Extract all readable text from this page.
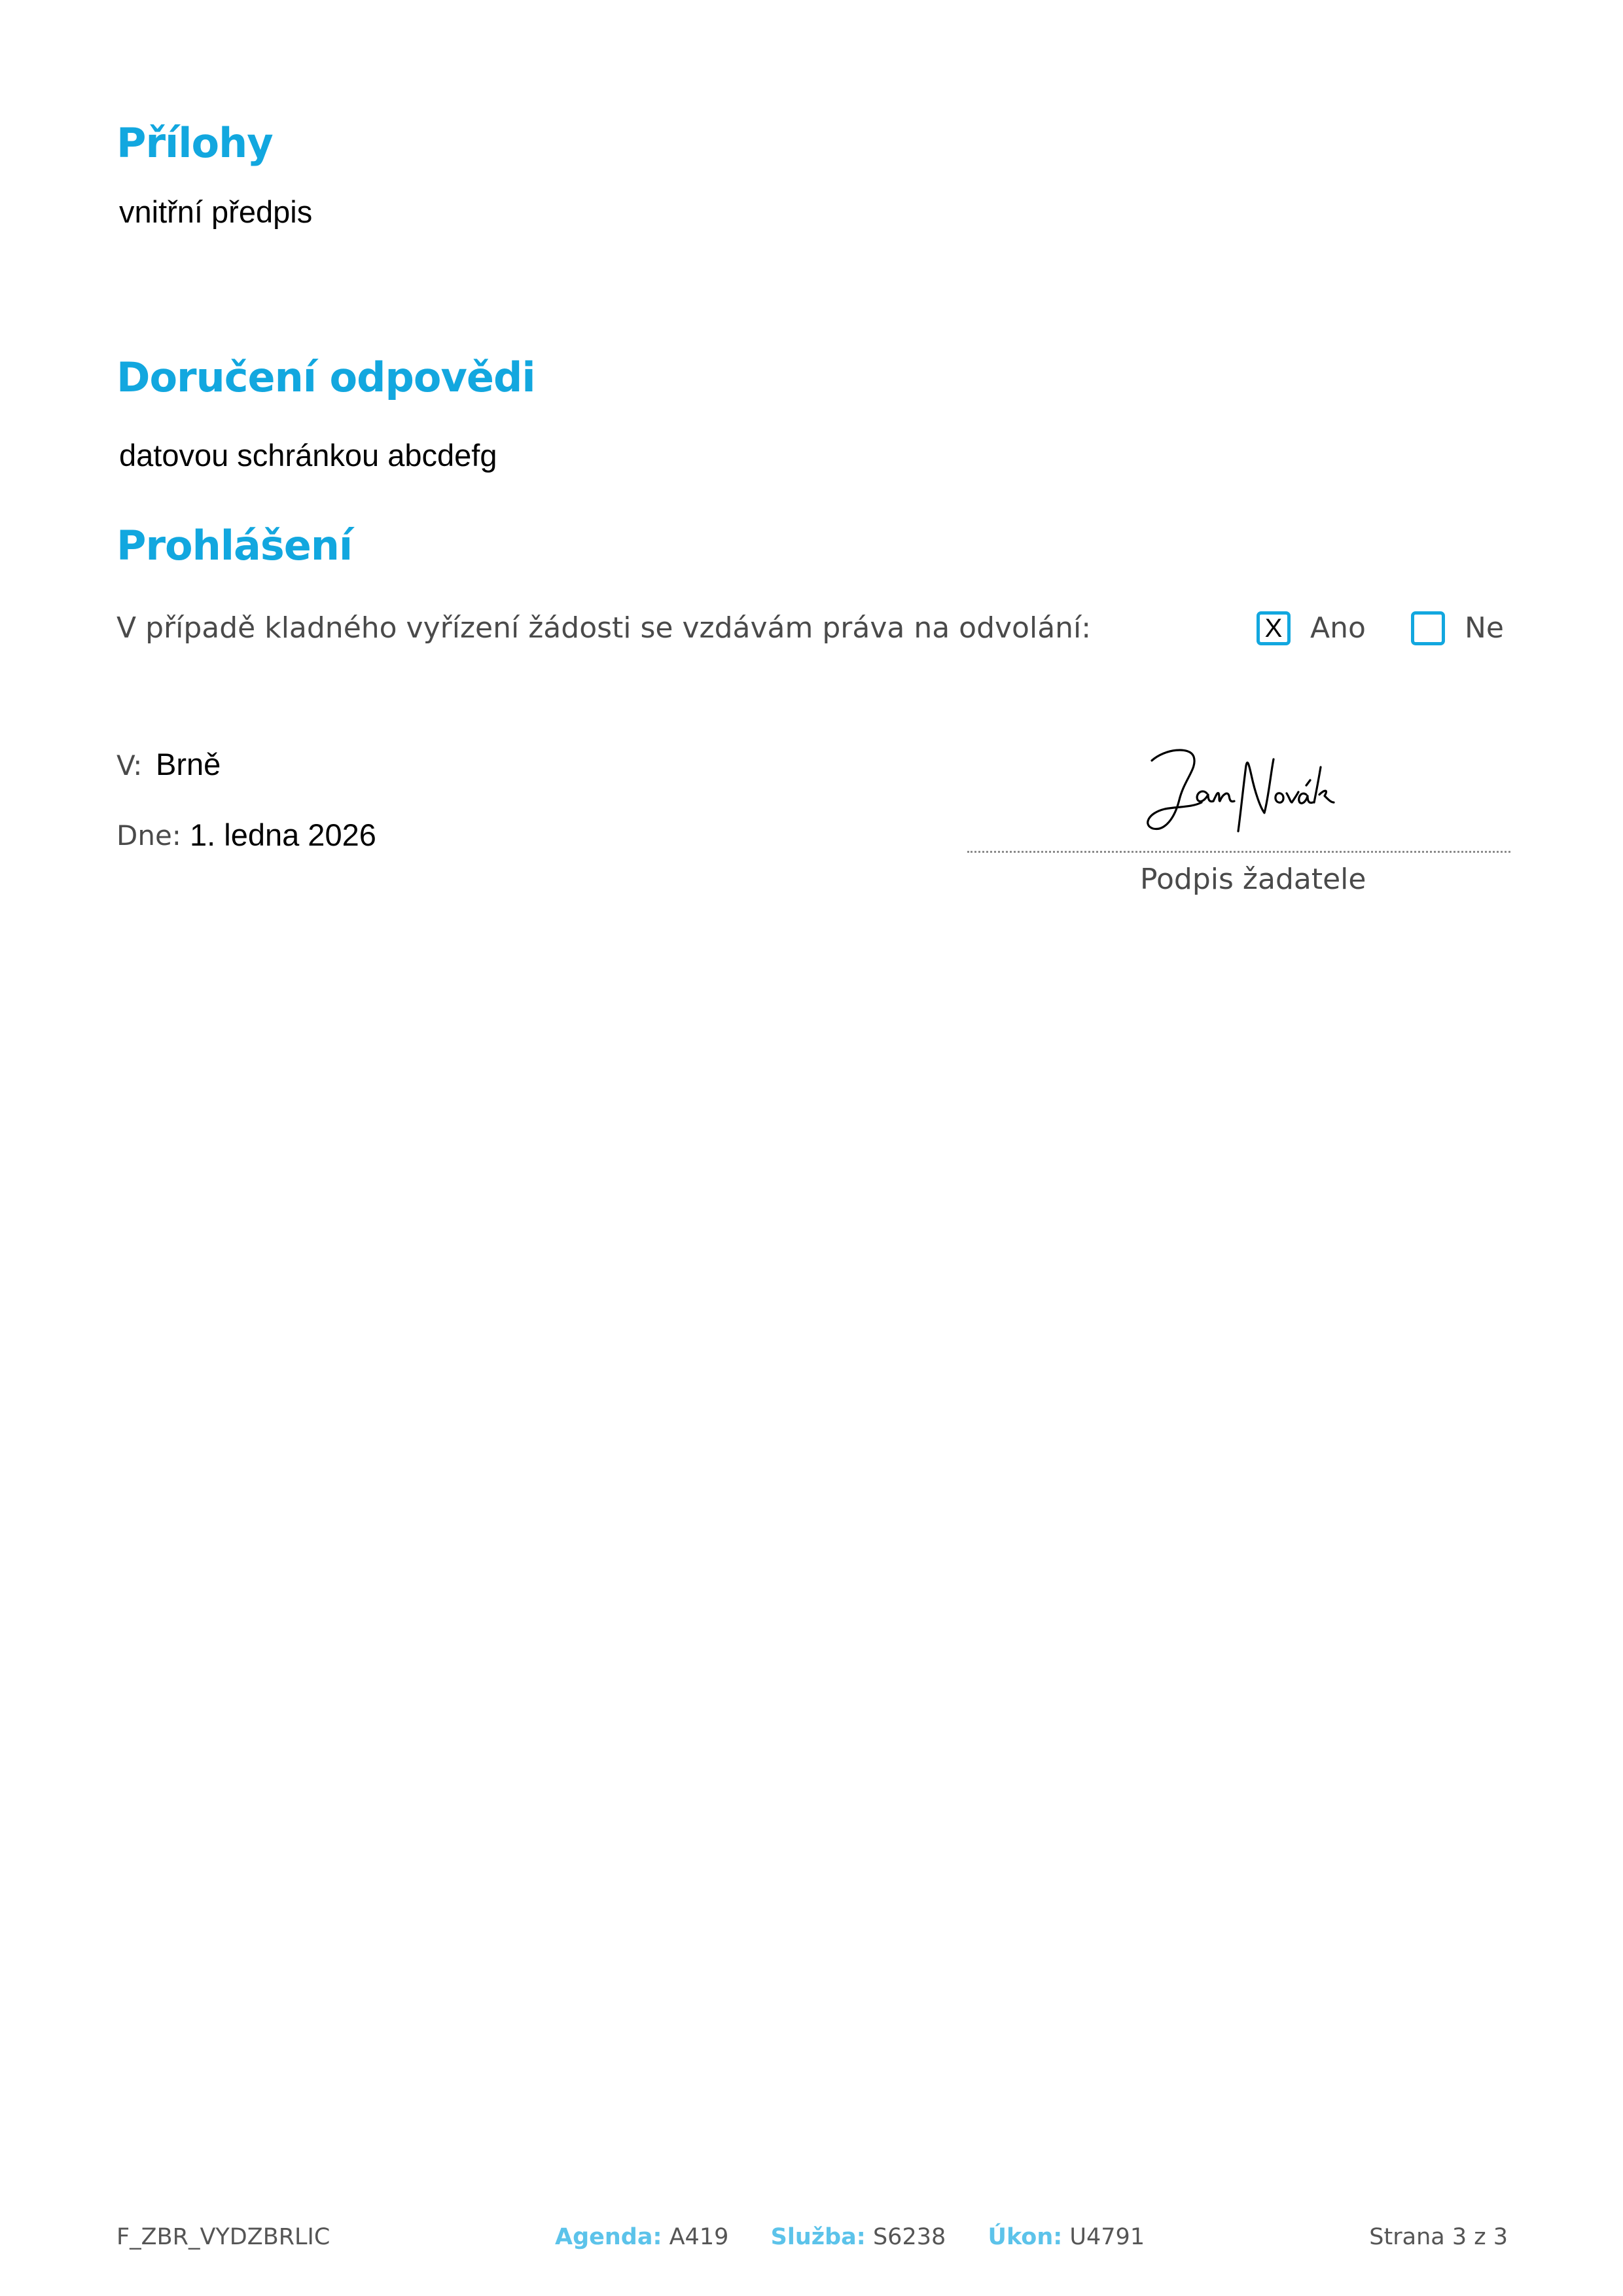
Přílohy
vnitřní předpis
Doručení odpovědi
datovou schránkou abcdefg
Prohlášení
V případě kladného vyřízení žádosti se vzdávám práva na odvolání:	X Ano	Ne
V: Brně
Dne: 1. ledna 2026
Podpis žadatele
F_ZBR_VYDZBRLIC	Agenda: A419 Služba: S6238 Úkon: U4791	Strana 3 z 3
